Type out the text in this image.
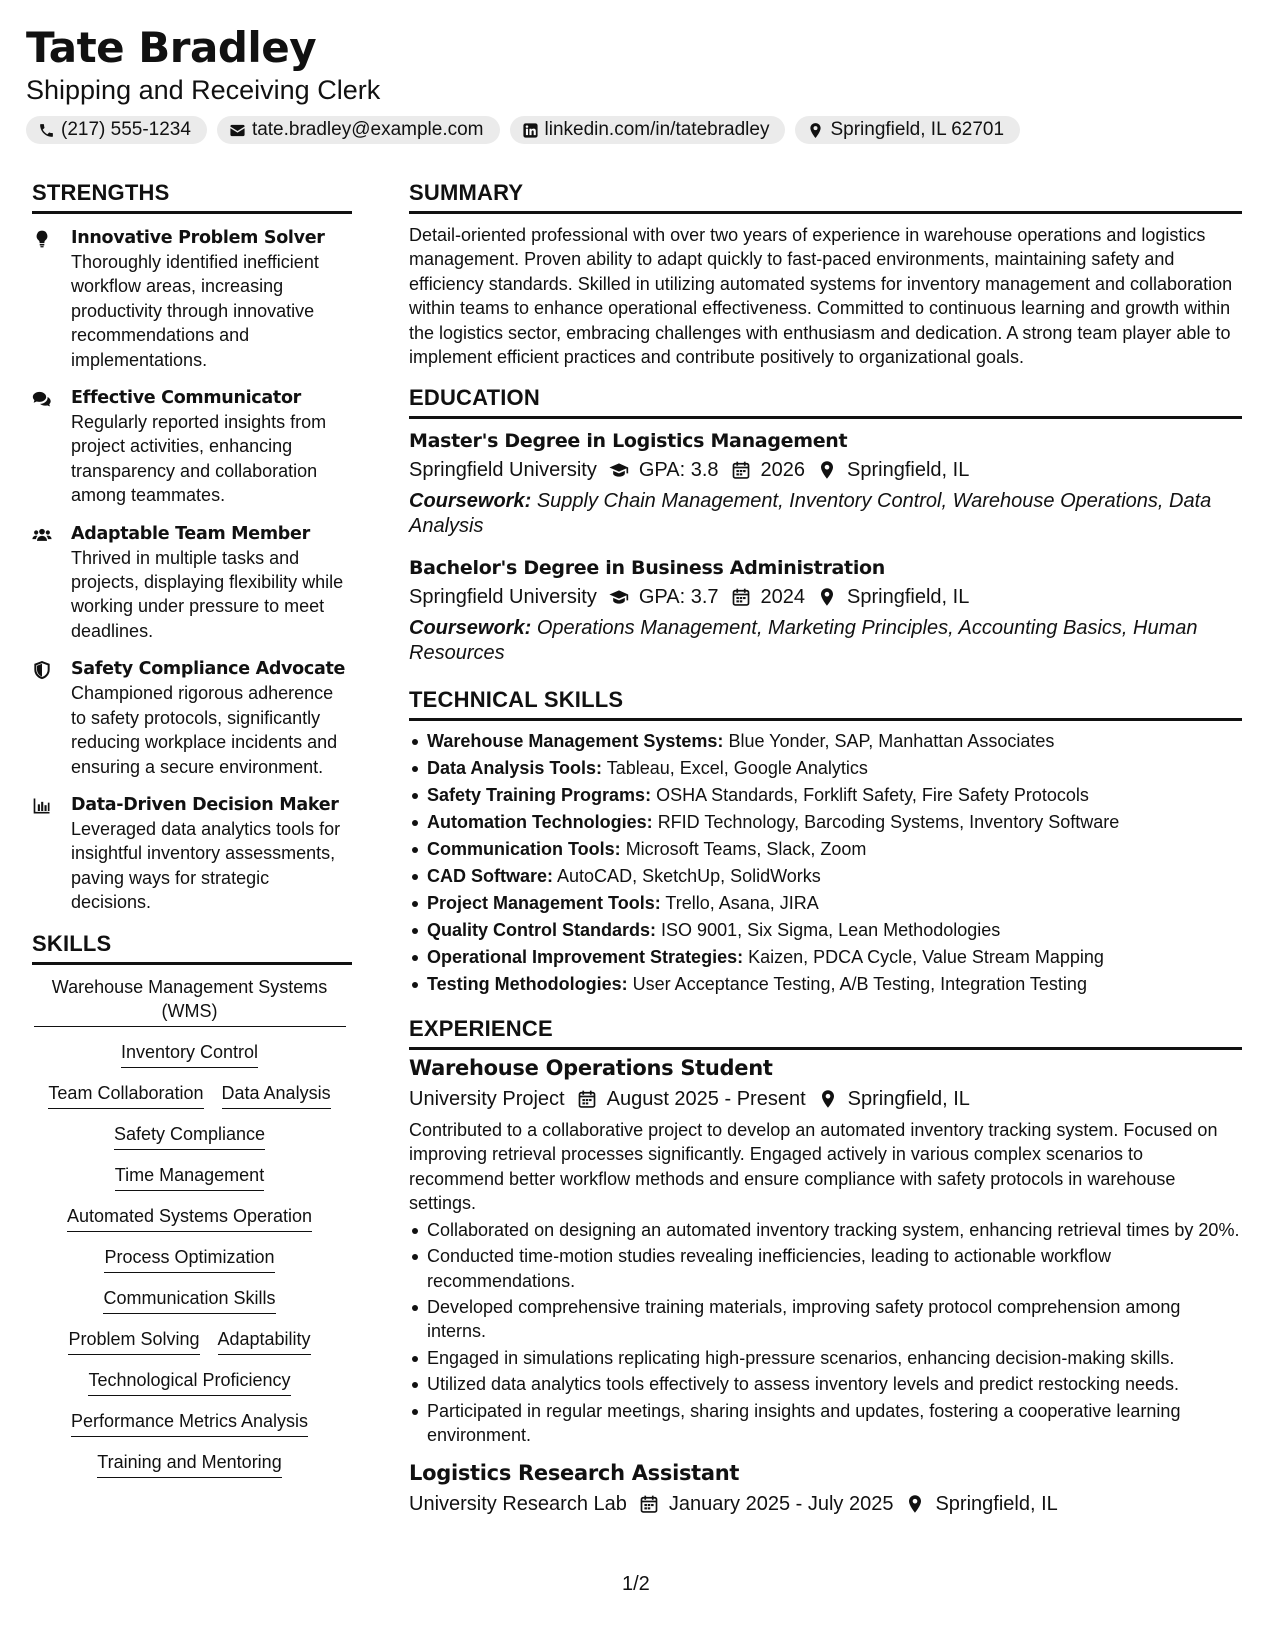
Tate Bradley
Shipping and Receiving Clerk
(217) 555-1234	tate.bradley@example.com	linkedin.com/in/tatebradley	Springfield, IL 62701
STRENGTHS
Innovative Problem Solver
Thoroughly identified inefficient workflow areas, increasing productivity through innovative recommendations and implementations.
Effective Communicator
Regularly reported insights from project activities, enhancing transparency and collaboration among teammates.
Adaptable Team Member
Thrived in multiple tasks and projects, displaying flexibility while working under pressure to meet deadlines.
Safety Compliance Advocate
Championed rigorous adherence to safety protocols, significantly reducing workplace incidents and ensuring a secure environment.
Data-Driven Decision Maker
Leveraged data analytics tools for insightful inventory assessments, paving ways for strategic decisions.
SKILLS
Warehouse Management Systems (WMS)
Inventory Control
Team Collaboration Data Analysis
Safety Compliance
Time Management
Automated Systems Operation
Process Optimization
Communication Skills
Problem Solving Adaptability
Technological Proficiency
Performance Metrics Analysis
Training and Mentoring
SUMMARY
Detail-oriented professional with over two years of experience in warehouse operations and logistics management. Proven ability to adapt quickly to fast-paced environments, maintaining safety and efficiency standards. Skilled in utilizing automated systems for inventory management and collaboration within teams to enhance operational effectiveness. Committed to continuous learning and growth within the logistics sector, embracing challenges with enthusiasm and dedication. A strong team player able to implement efficient practices and contribute positively to organizational goals.
EDUCATION
Master's Degree in Logistics Management
Springfield University GPA: 3.8 2026 Springfield, IL
Coursework: Supply Chain Management, Inventory Control, Warehouse Operations, Data Analysis
Bachelor's Degree in Business Administration
Springfield University GPA: 3.7 2024 Springfield, IL
Coursework: Operations Management, Marketing Principles, Accounting Basics, Human Resources
TECHNICAL SKILLS
Warehouse Management Systems: Blue Yonder, SAP, Manhattan Associates
Data Analysis Tools: Tableau, Excel, Google Analytics
Safety Training Programs: OSHA Standards, Forklift Safety, Fire Safety Protocols
Automation Technologies: RFID Technology, Barcoding Systems, Inventory Software
Communication Tools: Microsoft Teams, Slack, Zoom
CAD Software: AutoCAD, SketchUp, SolidWorks
Project Management Tools: Trello, Asana, JIRA
Quality Control Standards: ISO 9001, Six Sigma, Lean Methodologies
Operational Improvement Strategies: Kaizen, PDCA Cycle, Value Stream Mapping
Testing Methodologies: User Acceptance Testing, A/B Testing, Integration Testing
EXPERIENCE
Warehouse Operations Student
University Project August 2025 - Present Springfield, IL
Contributed to a collaborative project to develop an automated inventory tracking system. Focused on improving retrieval processes significantly. Engaged actively in various complex scenarios to recommend better workflow methods and ensure compliance with safety protocols in warehouse settings.
Collaborated on designing an automated inventory tracking system, enhancing retrieval times by 20%.
Conducted time-motion studies revealing inefficiencies, leading to actionable workflow recommendations.
Developed comprehensive training materials, improving safety protocol comprehension among interns.
Engaged in simulations replicating high-pressure scenarios, enhancing decision-making skills.
Utilized data analytics tools effectively to assess inventory levels and predict restocking needs.
Participated in regular meetings, sharing insights and updates, fostering a cooperative learning environment.
Logistics Research Assistant
University Research Lab January 2025 - July 2025 Springfield, IL
1/2
